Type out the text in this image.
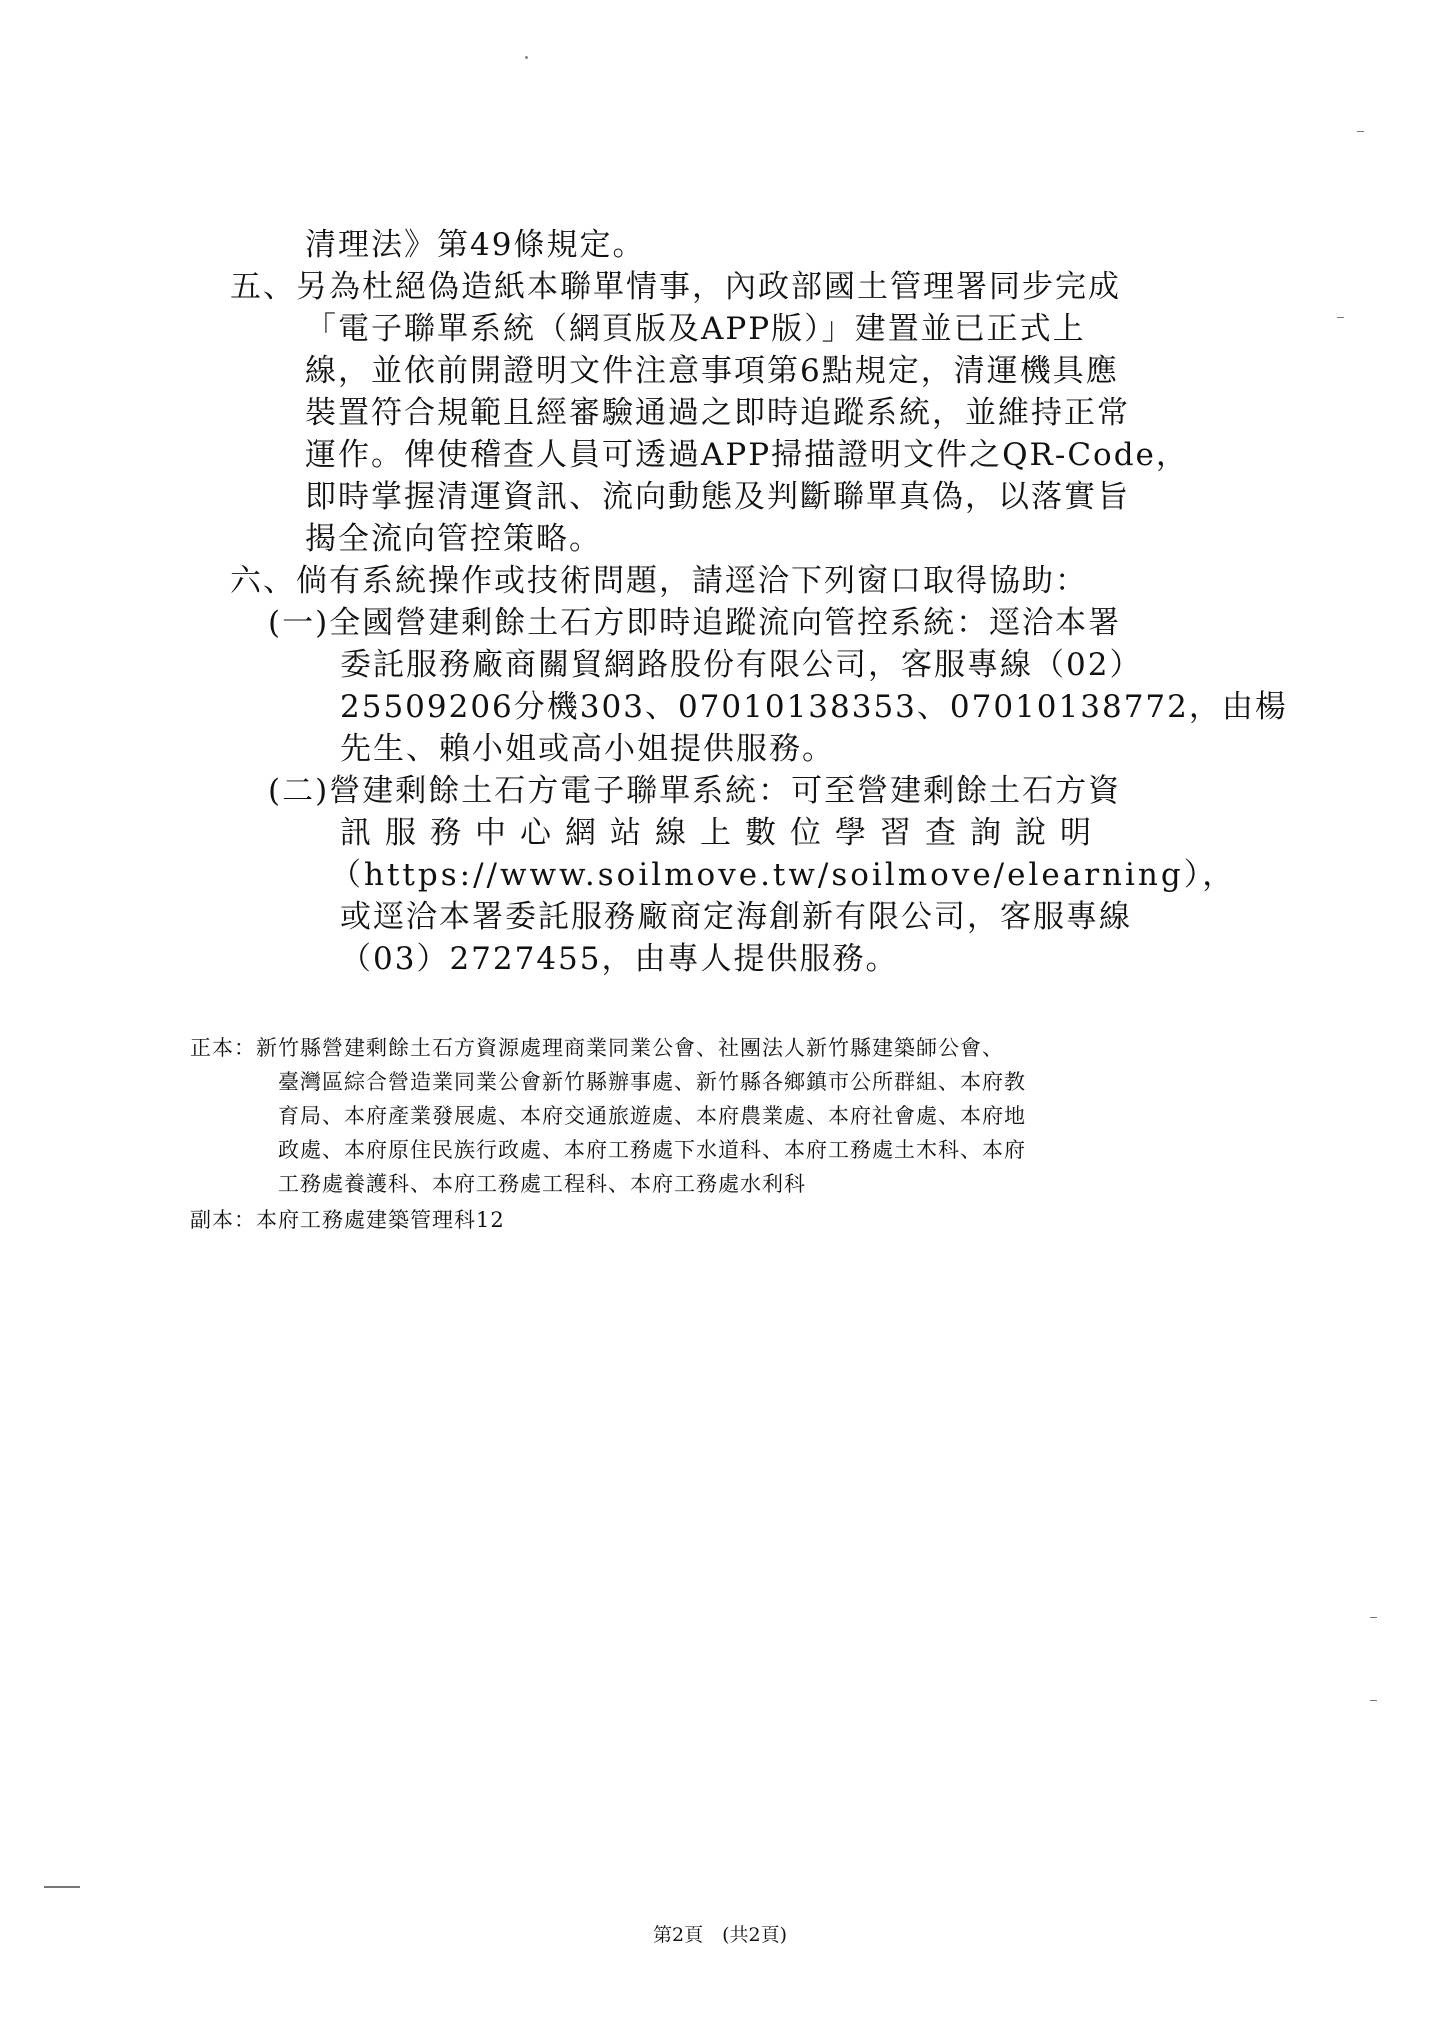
清理法》第49條規定。
五、另為杜絕偽造紙本聯單情事，內政部國土管理署同步完成
「電子聯單系統（網頁版及APP版）」建置並已正式上
線，並依前開證明文件注意事項第6點規定，清運機具應
裝置符合規範且經審驗通過之即時追蹤系統，並維持正常
運作。俾使稽查人員可透過APP掃描證明文件之QR-Code，
即時掌握清運資訊、流向動態及判斷聯單真偽，以落實旨
揭全流向管控策略。
六、倘有系統操作或技術問題，請逕洽下列窗口取得協助：
(一)全國營建剩餘土石方即時追蹤流向管控系統：逕洽本署
委託服務廠商關貿網路股份有限公司，客服專線（02）
25509206分機303、07010138353、07010138772，由楊
先生、賴小姐或高小姐提供服務。
(二)營建剩餘土石方電子聯單系統：可至營建剩餘土石方資
訊服務中心網站線上數位學習查詢說明
（https://www.soilmove.tw/soilmove/elearning），
或逕洽本署委託服務廠商定海創新有限公司，客服專線
（03）2727455，由專人提供服務。
正本：新竹縣營建剩餘土石方資源處理商業同業公會、社團法人新竹縣建築師公會、
臺灣區綜合營造業同業公會新竹縣辦事處、新竹縣各鄉鎮市公所群組、本府教
育局、本府產業發展處、本府交通旅遊處、本府農業處、本府社會處、本府地
政處、本府原住民族行政處、本府工務處下水道科、本府工務處土木科、本府
工務處養護科、本府工務處工程科、本府工務處水利科
副本：本府工務處建築管理科12
第2頁　(共2頁)
